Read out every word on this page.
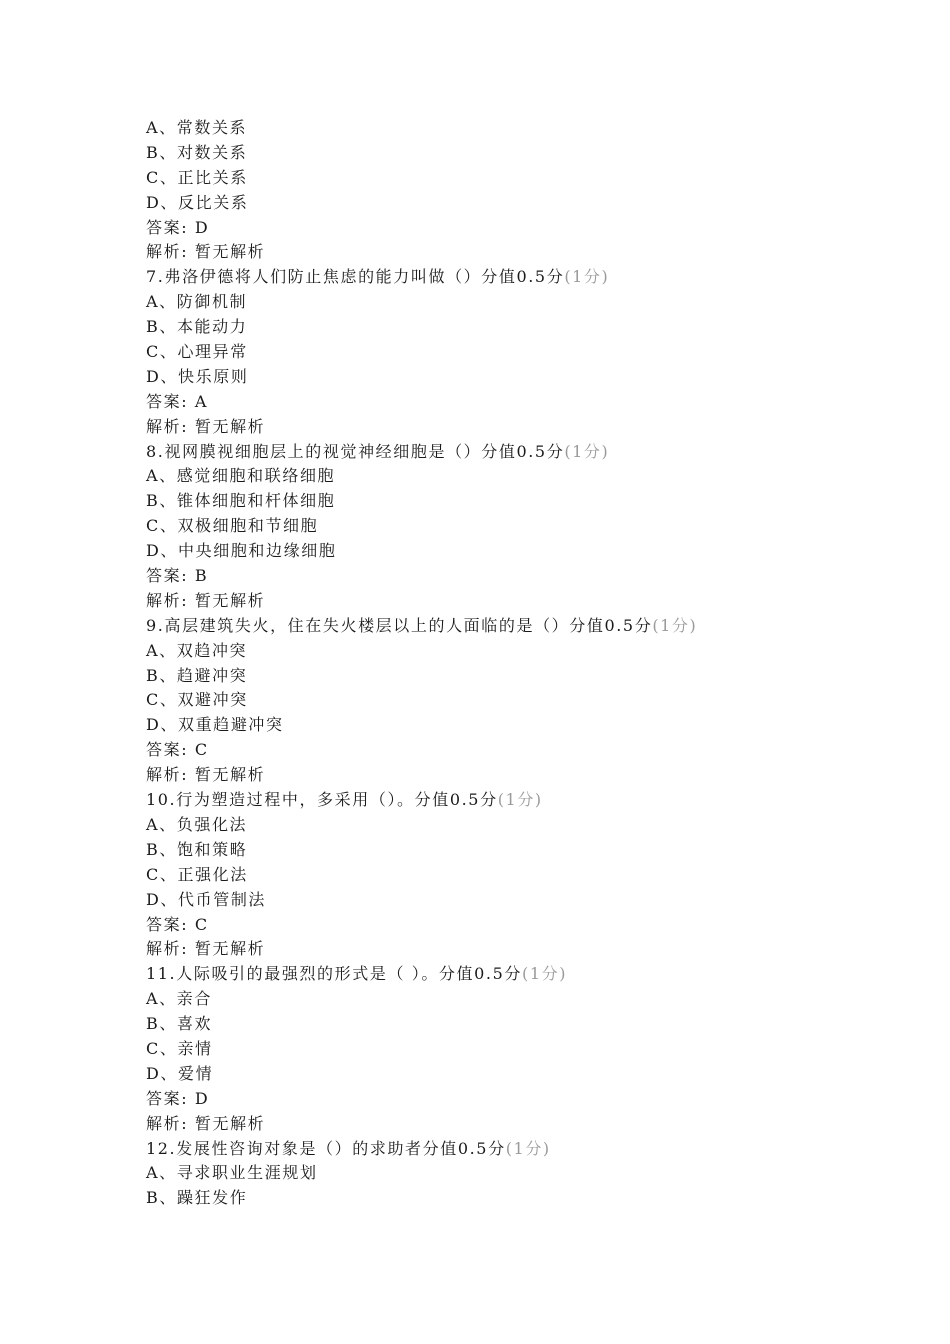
A、常数关系
B、对数关系
C、正比关系
D、反比关系
答案: D
解析: 暂无解析
7.弗洛伊德将人们防止焦虑的能力叫做（）分值0.5分(1分)
A、防御机制
B、本能动力
C、心理异常
D、快乐原则
答案: A
解析: 暂无解析
8.视网膜视细胞层上的视觉神经细胞是（）分值0.5分(1分)
A、感觉细胞和联络细胞
B、锥体细胞和杆体细胞
C、双极细胞和节细胞
D、中央细胞和边缘细胞
答案: B
解析: 暂无解析
9.高层建筑失火，住在失火楼层以上的人面临的是（）分值0.5分(1分)
A、双趋冲突
B、趋避冲突
C、双避冲突
D、双重趋避冲突
答案: C
解析: 暂无解析
10.行为塑造过程中，多采用（）。分值0.5分(1分)
A、负强化法
B、饱和策略
C、正强化法
D、代币管制法
答案: C
解析: 暂无解析
11.人际吸引的最强烈的形式是（ ）。分值0.5分(1分)
A、亲合
B、喜欢
C、亲情
D、爱情
答案: D
解析: 暂无解析
12.发展性咨询对象是（）的求助者分值0.5分(1分)
A、寻求职业生涯规划
B、躁狂发作
